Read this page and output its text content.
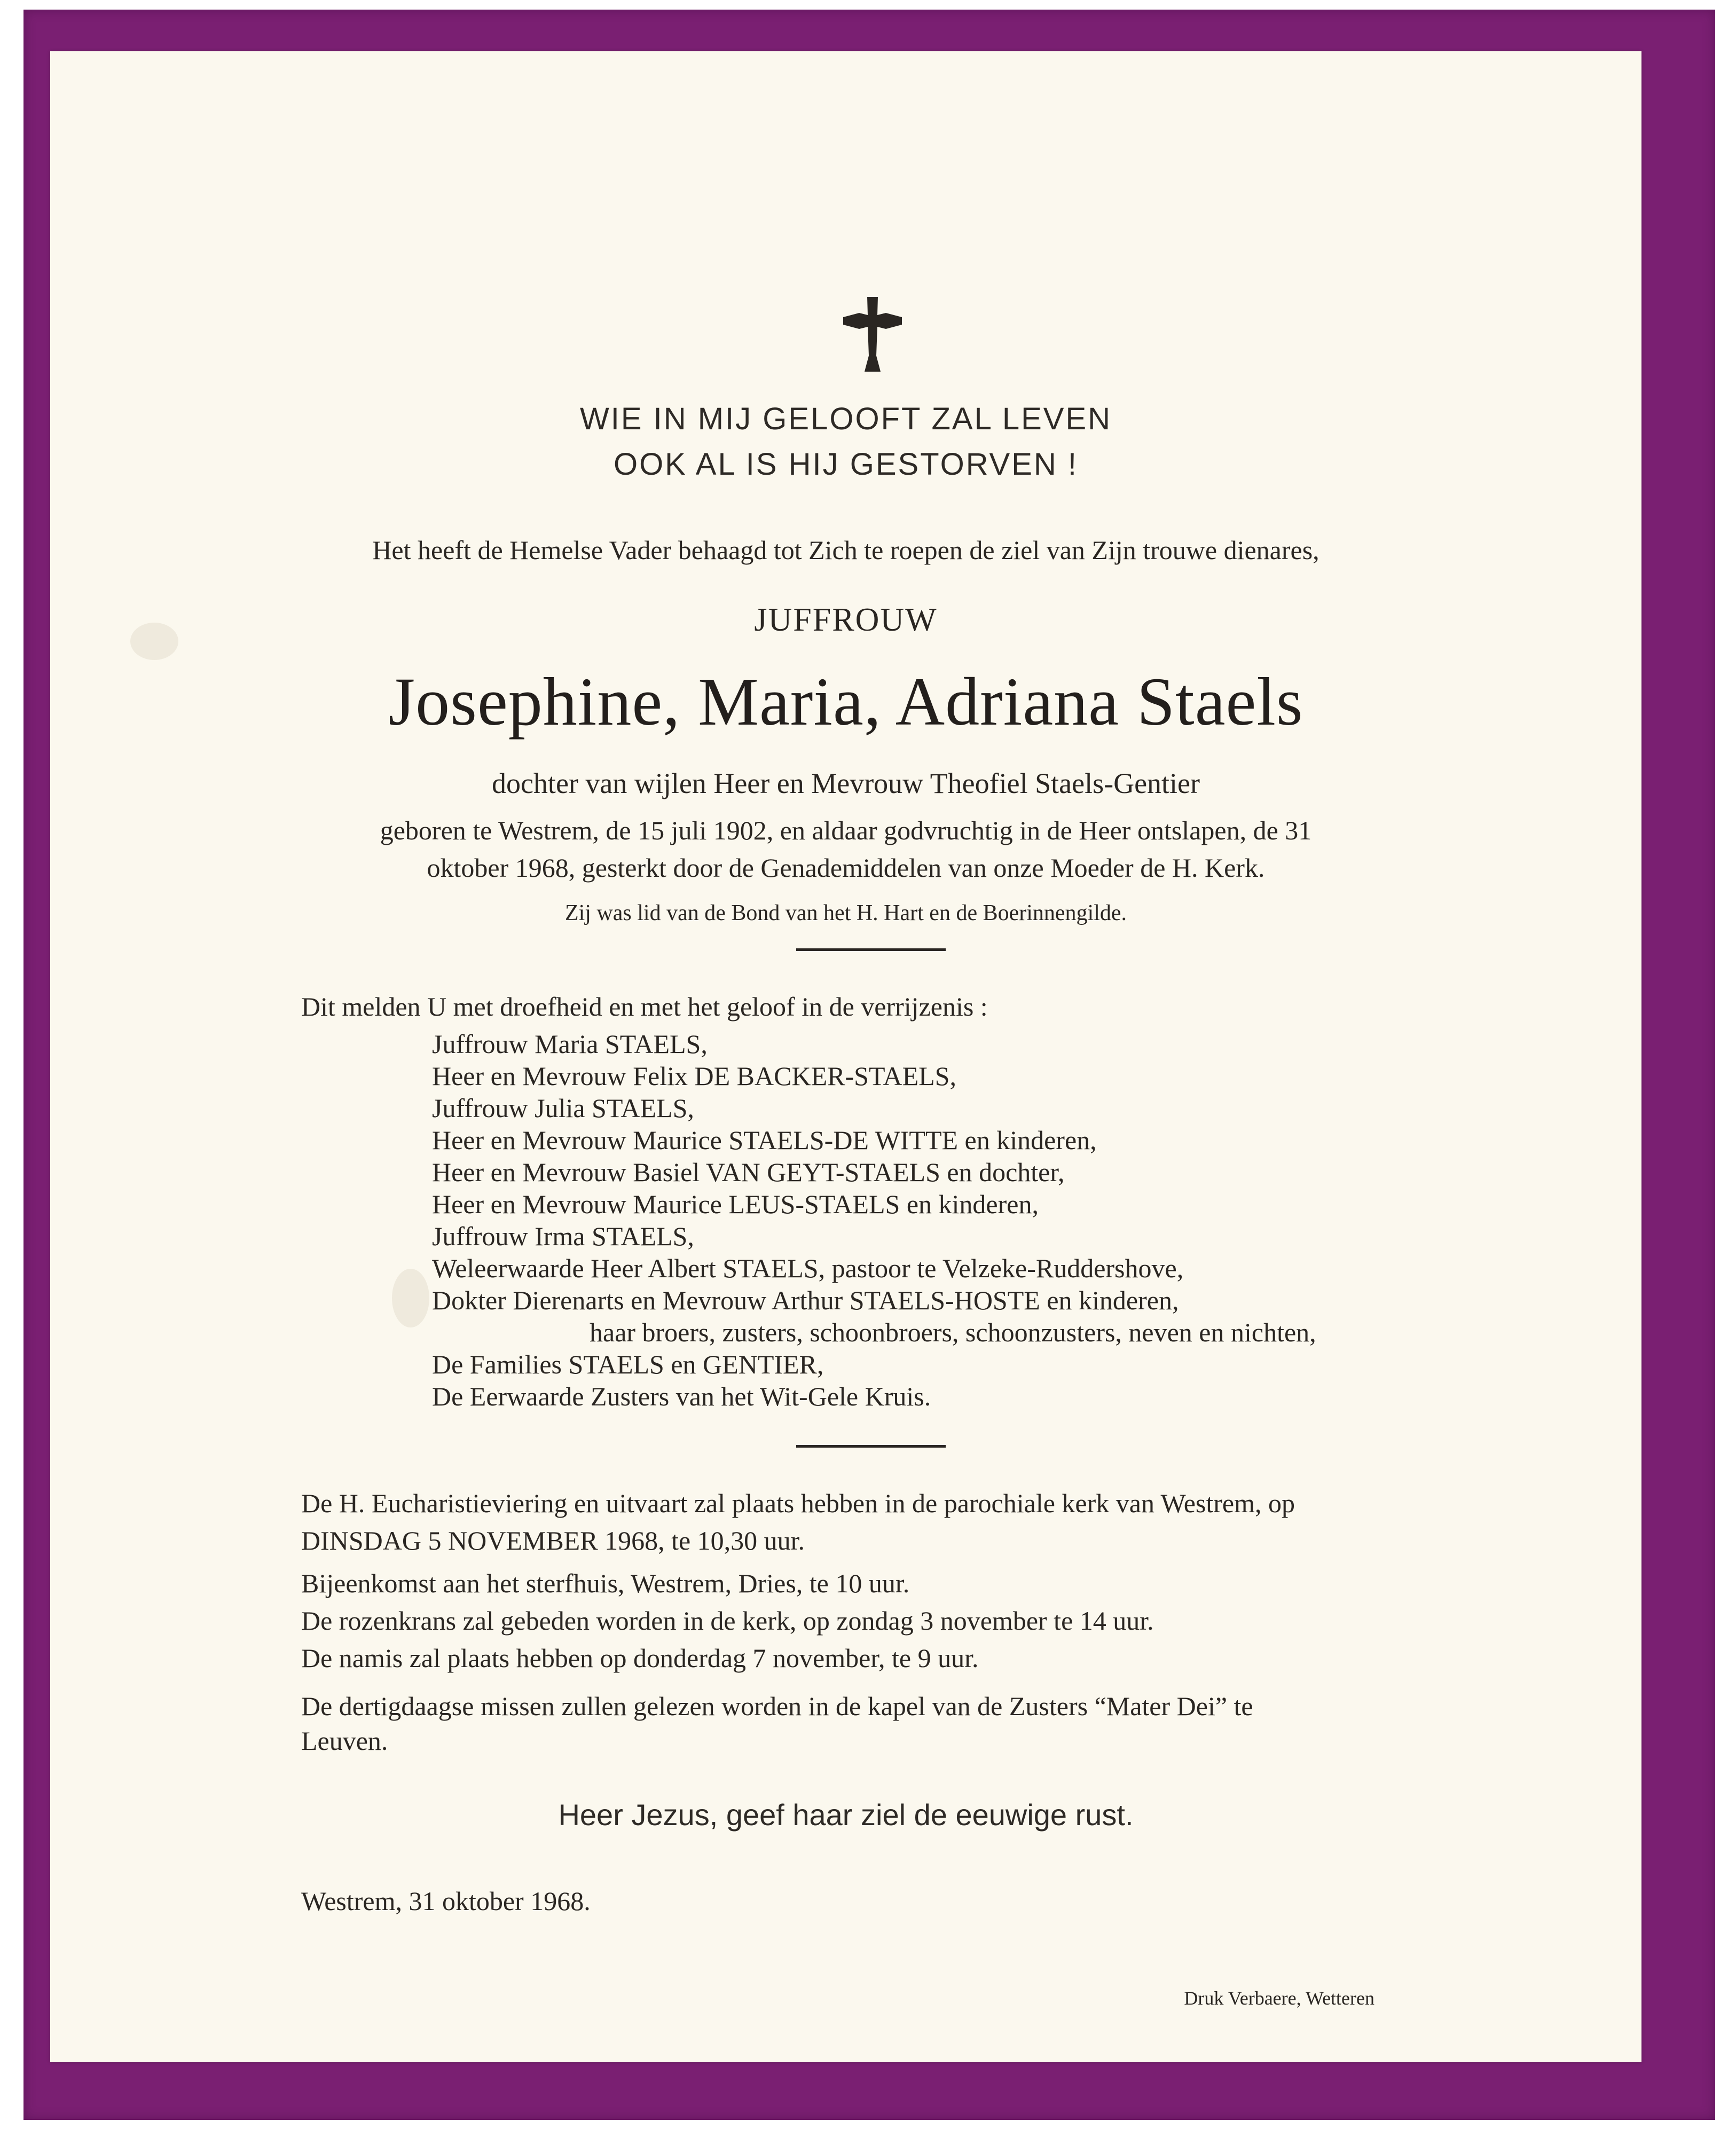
WIE IN MIJ GELOOFT ZAL LEVEN
OOK AL IS HIJ GESTORVEN !
Het heeft de Hemelse Vader behaagd tot Zich te roepen de ziel van Zijn trouwe dienares,
JUFFROUW
Josephine, Maria, Adriana Staels
dochter van wijlen Heer en Mevrouw Theofiel Staels-Gentier
geboren te Westrem, de 15 juli 1902, en aldaar godvruchtig in de Heer ontslapen, de 31
oktober 1968, gesterkt door de Genademiddelen van onze Moeder de H. Kerk.
Zij was lid van de Bond van het H. Hart en de Boerinnengilde.
Dit melden U met droefheid en met het geloof in de verrijzenis :
Juffrouw Maria STAELS,
Heer en Mevrouw Felix DE BACKER-STAELS,
Juffrouw Julia STAELS,
Heer en Mevrouw Maurice STAELS-DE WITTE en kinderen,
Heer en Mevrouw Basiel VAN GEYT-STAELS en dochter,
Heer en Mevrouw Maurice LEUS-STAELS en kinderen,
Juffrouw Irma STAELS,
Weleerwaarde Heer Albert STAELS, pastoor te Velzeke-Ruddershove,
Dokter Dierenarts en Mevrouw Arthur STAELS-HOSTE en kinderen,
haar broers, zusters, schoonbroers, schoonzusters, neven en nichten,
De Families STAELS en GENTIER,
De Eerwaarde Zusters van het Wit-Gele Kruis.
De H. Eucharistieviering en uitvaart zal plaats hebben in de parochiale kerk van Westrem, op
DINSDAG 5 NOVEMBER 1968, te 10,30 uur.
Bijeenkomst aan het sterfhuis, Westrem, Dries, te 10 uur.
De rozenkrans zal gebeden worden in de kerk, op zondag 3 november te 14 uur.
De namis zal plaats hebben op donderdag 7 november, te 9 uur.
De dertigdaagse missen zullen gelezen worden in de kapel van de Zusters “Mater Dei” te
Leuven.
Heer Jezus, geef haar ziel de eeuwige rust.
Westrem, 31 oktober 1968.
Druk Verbaere, Wetteren
